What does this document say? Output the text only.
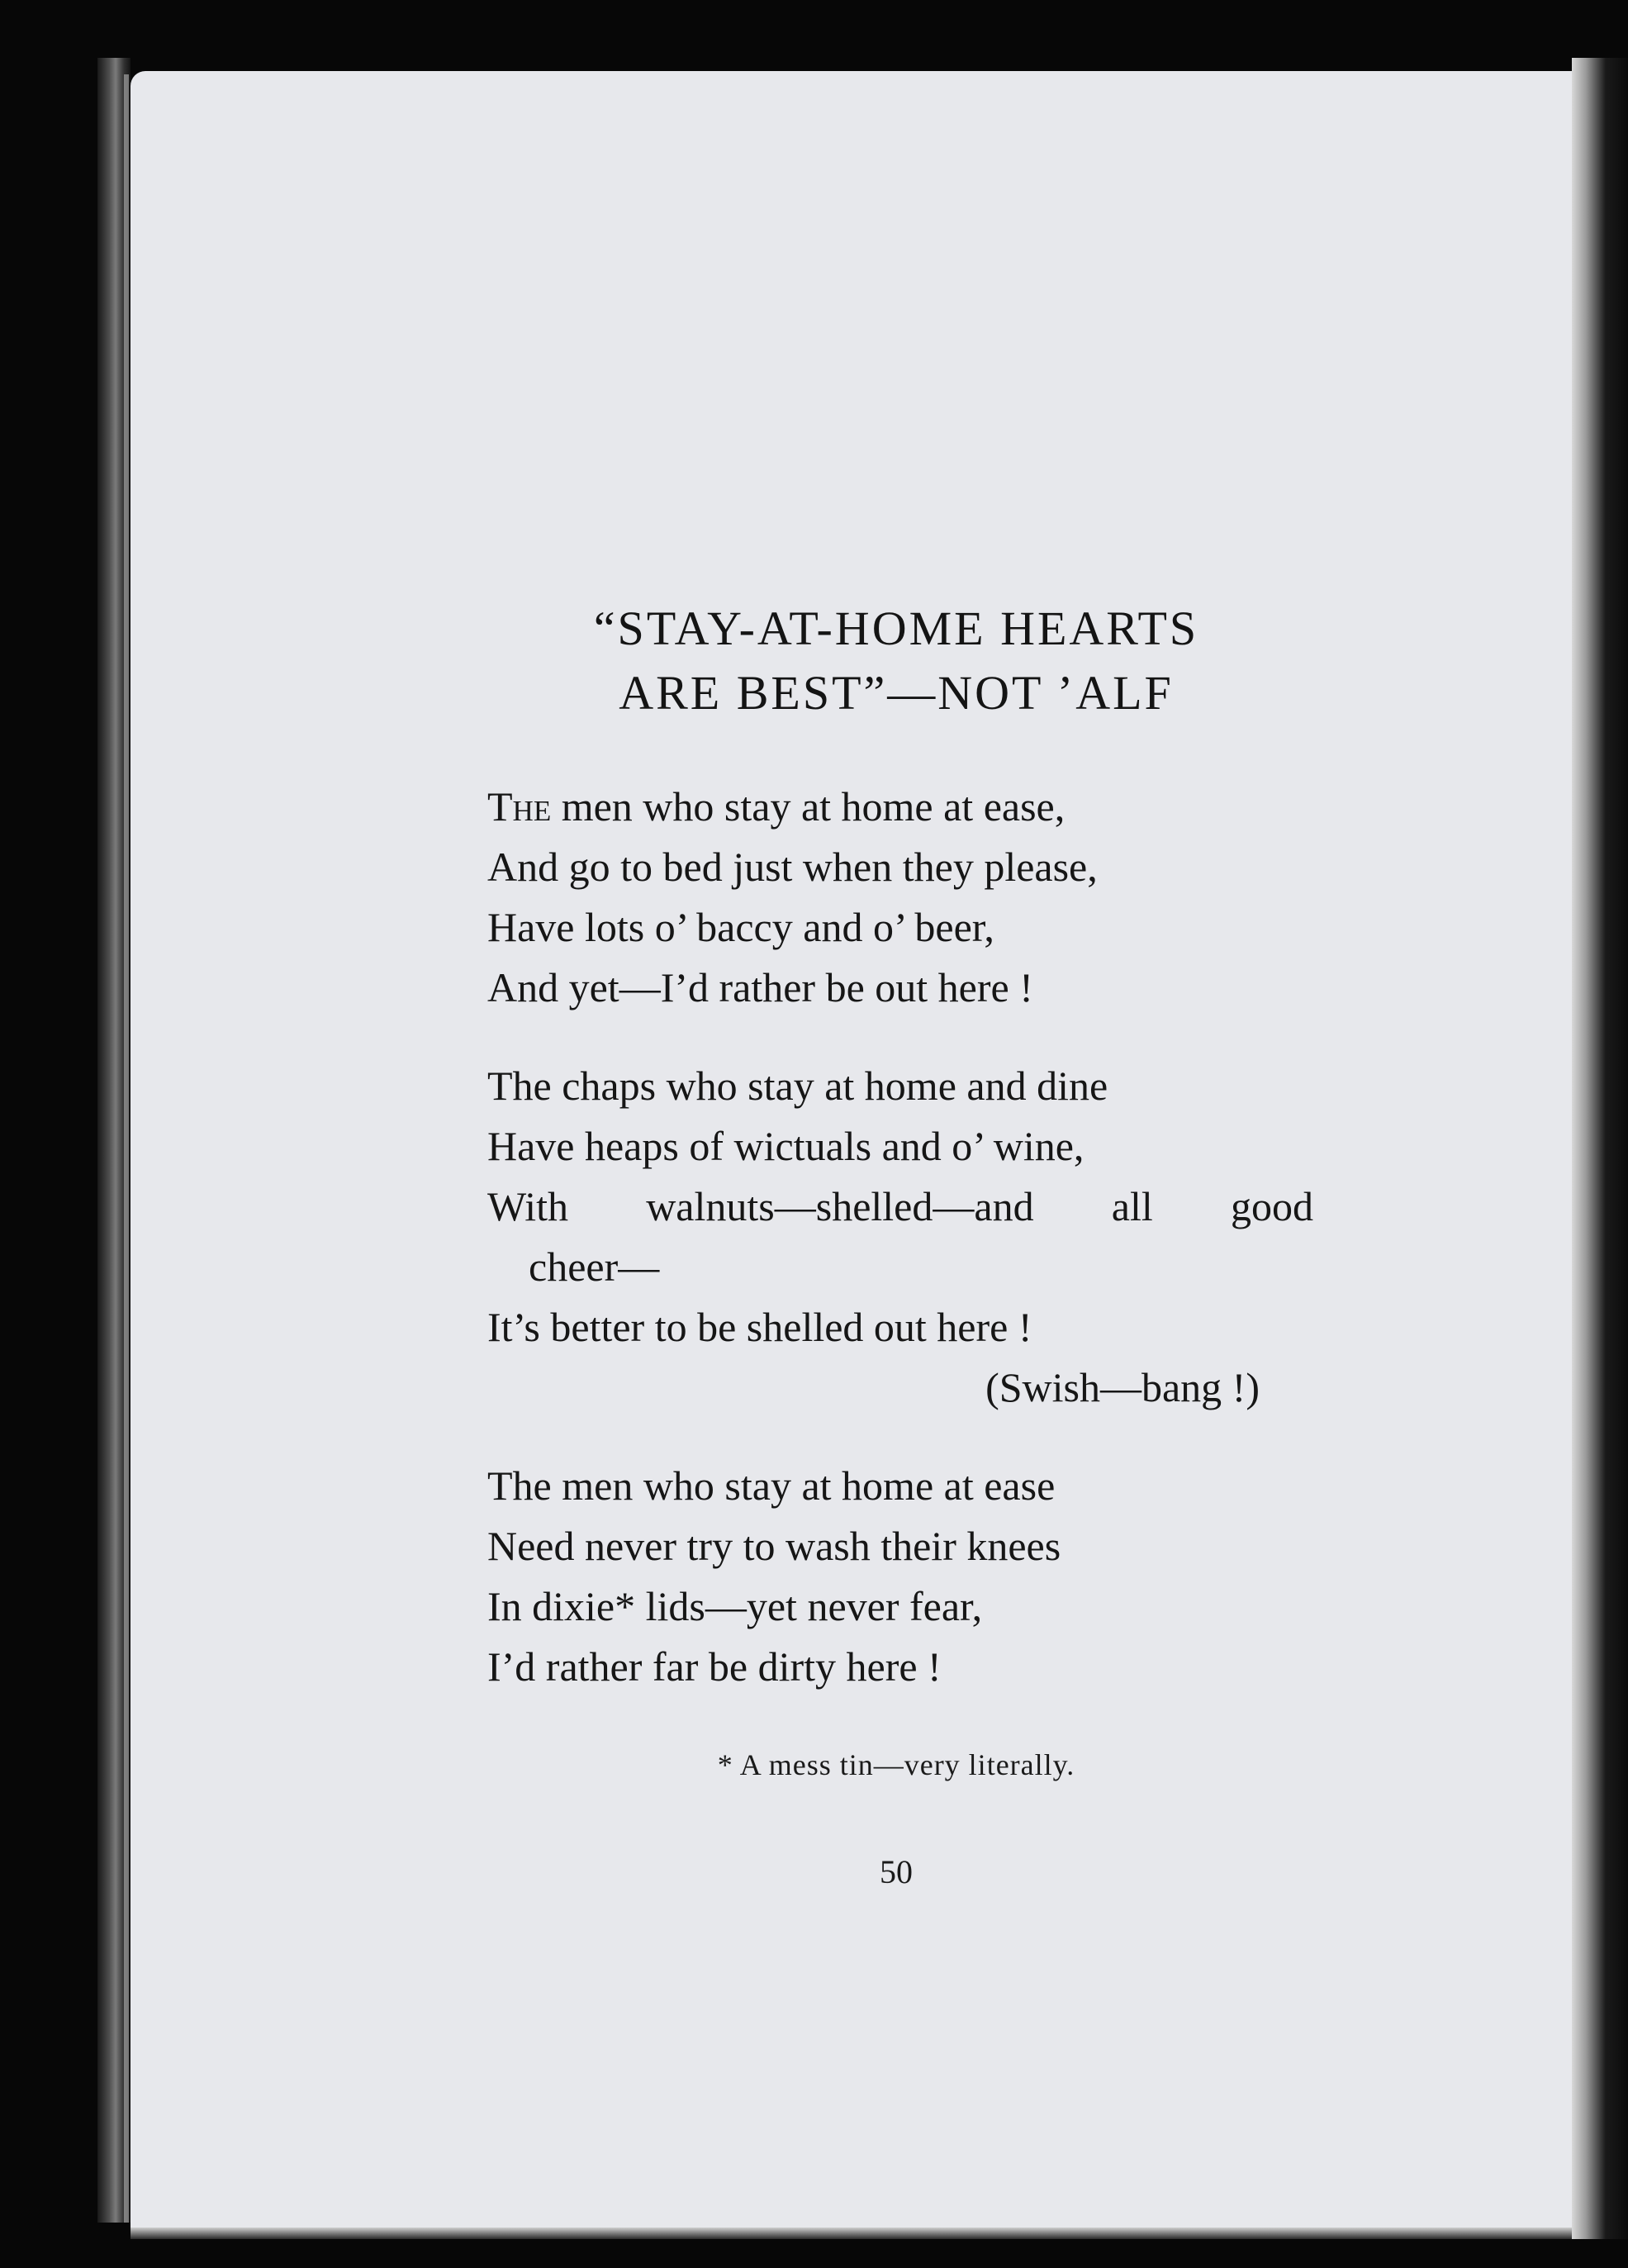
“STAY-AT-HOME HEARTS
ARE BEST”—NOT ’ALF
The men who stay at home at ease,
And go to bed just when they please,
Have lots o’ baccy and o’ beer,
And yet—I’d rather be out here !
The chaps who stay at home and dine
Have heaps of wictuals and o’ wine,
With walnuts—shelled—and all good
cheer—
It’s better to be shelled out here !
(Swish—bang !)
The men who stay at home at ease
Need never try to wash their knees
In dixie* lids—yet never fear,
I’d rather far be dirty here !
* A mess tin—very literally.
50
